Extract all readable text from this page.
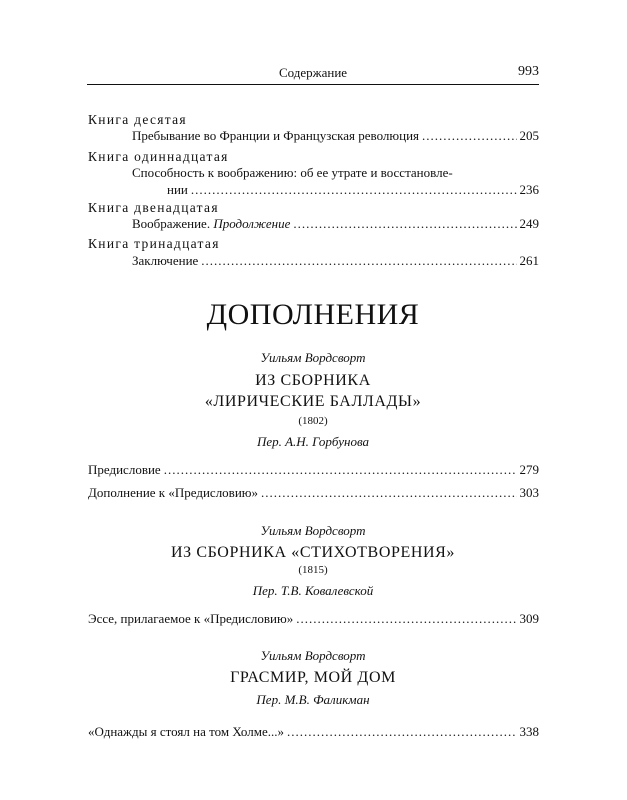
Содержание	993
Книга десятая
Пребывание во Франции и Французская революция .....	205
Книга одиннадцатая
Способность к воображению: об ее утрате и восстановле-
нии .....	236
Книга двенадцатая
Воображение. Продолжение .....	249
Книга тринадцатая
Заключение .....	261
ДОПОЛНЕНИЯ
Уильям Вордсворт
ИЗ СБОРНИКА
«ЛИРИЧЕСКИЕ БАЛЛАДЫ»
(1802)
Пер. А.Н. Горбунова
Предисловие .....	279
Дополнение к «Предисловию» .....	303
Уильям Вордсворт
ИЗ СБОРНИКА «СТИХОТВОРЕНИЯ»
(1815)
Пер. Т.В. Ковалевской
Эссе, прилагаемое к «Предисловию» .....	309
Уильям Вордсворт
ГРАСМИР, МОЙ ДОМ
Пер. М.В. Фаликман
«Однажды я стоял на том Холме...» .....	338
